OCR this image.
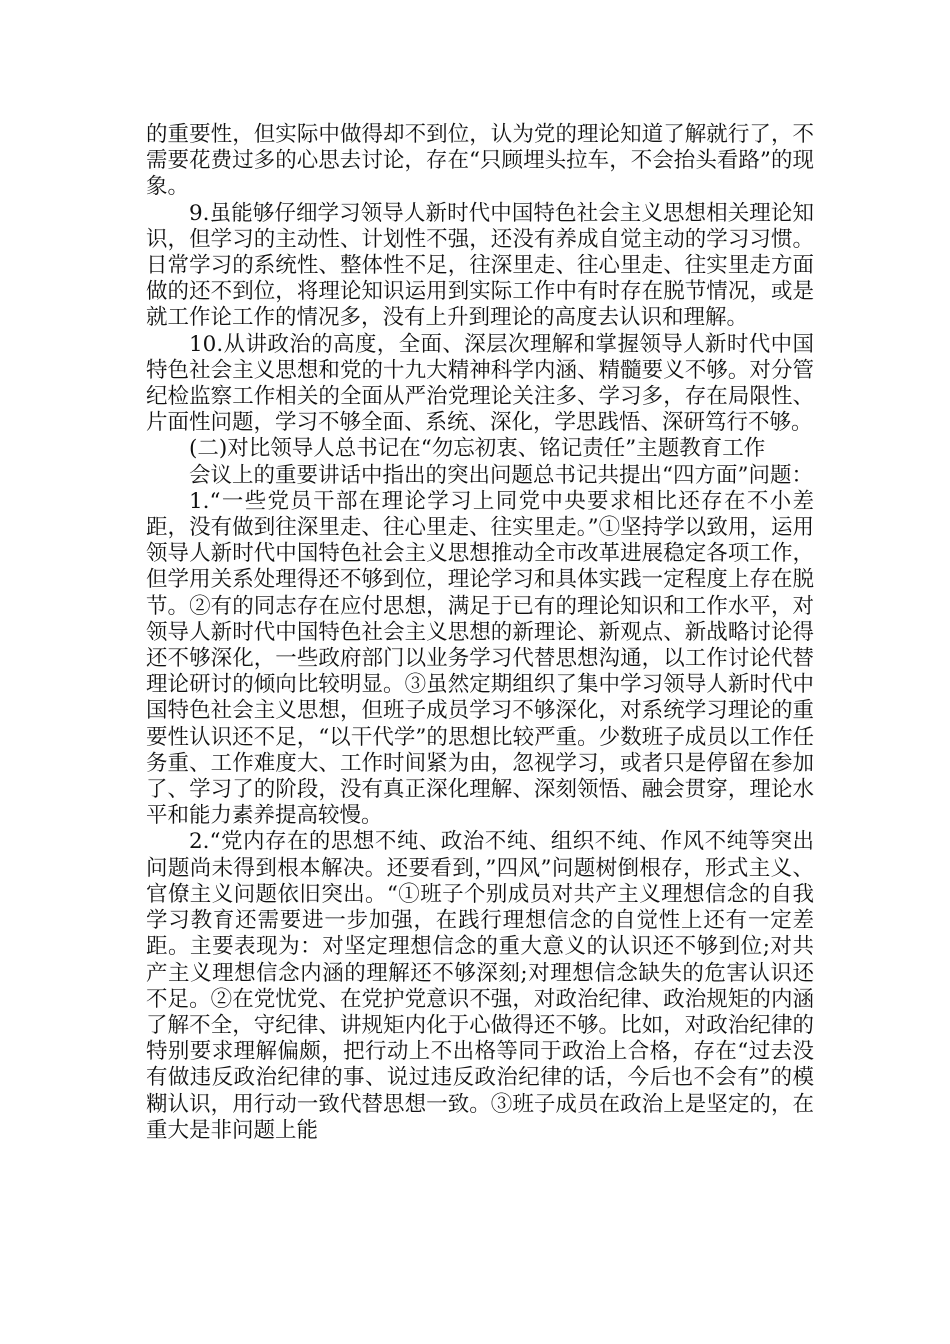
的重要性，但实际中做得却不到位，认为党的理论知道了解就行了，不需要花费过多的心思去讨论，存在“只顾埋头拉车，不会抬头看路”的现象。

9.虽能够仔细学习领导人新时代中国特色社会主义思想相关理论知识，但学习的主动性、计划性不强，还没有养成自觉主动的学习习惯。日常学习的系统性、整体性不足，往深里走、往心里走、往实里走方面做的还不到位，将理论知识运用到实际工作中有时存在脱节情况，或是就工作论工作的情况多，没有上升到理论的高度去认识和理解。

10.从讲政治的高度，全面、深层次理解和掌握领导人新时代中国特色社会主义思想和党的十九大精神科学内涵、精髓要义不够。对分管纪检监察工作相关的全面从严治党理论关注多、学习多，存在局限性、片面性问题，学习不够全面、系统、深化，学思践悟、深研笃行不够。

(二)对比领导人总书记在“勿忘初衷、铭记责任”主题教育工作

会议上的重要讲话中指出的突出问题总书记共提出“四方面”问题：

1.“一些党员干部在理论学习上同党中央要求相比还存在不小差距，没有做到往深里走、往心里走、往实里走。”①坚持学以致用，运用领导人新时代中国特色社会主义思想推动全市改革进展稳定各项工作，但学用关系处理得还不够到位，理论学习和具体实践一定程度上存在脱节。②有的同志存在应付思想，满足于已有的理论知识和工作水平，对领导人新时代中国特色社会主义思想的新理论、新观点、新战略讨论得还不够深化，一些政府部门以业务学习代替思想沟通，以工作讨论代替理论研讨的倾向比较明显。③虽然定期组织了集中学习领导人新时代中国特色社会主义思想，但班子成员学习不够深化，对系统学习理论的重要性认识还不足，“以干代学”的思想比较严重。少数班子成员以工作任务重、工作难度大、工作时间紧为由，忽视学习，或者只是停留在参加了、学习了的阶段，没有真正深化理解、深刻领悟、融会贯穿，理论水平和能力素养提高较慢。

2.“党内存在的思想不纯、政治不纯、组织不纯、作风不纯等突出问题尚未得到根本解决。还要看到，”四风”问题树倒根存，形式主义、官僚主义问题依旧突出。“①班子个别成员对共产主义理想信念的自我学习教育还需要进一步加强，在践行理想信念的自觉性上还有一定差距。主要表现为：对坚定理想信念的重大意义的认识还不够到位;对共产主义理想信念内涵的理解还不够深刻;对理想信念缺失的危害认识还不足。②在党忧党、在党护党意识不强，对政治纪律、政治规矩的内涵了解不全，守纪律、讲规矩内化于心做得还不够。比如，对政治纪律的特别要求理解偏颇，把行动上不出格等同于政治上合格，存在“过去没有做违反政治纪律的事、说过违反政治纪律的话，今后也不会有”的模糊认识，用行动一致代替思想一致。③班子成员在政治上是坚定的，在重大是非问题上能
